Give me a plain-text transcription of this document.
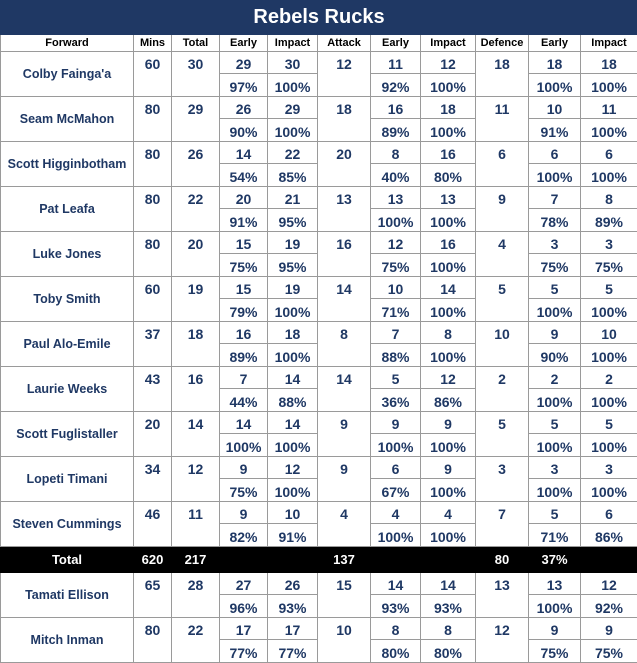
Rebels Rucks										
Forward	Mins	Total	Early	Impact	Attack	Early	Impact	Defence	Early	Impact
Colby Fainga'a	60	30	29	30	12	11	12	18	18	18
			97%	100%		92%	100%		100%	100%
Seam McMahon	80	29	26	29	18	16	18	11	10	11
			90%	100%		89%	100%		91%	100%
Scott Higginbotham	80	26	14	22	20	8	16	6	6	6
			54%	85%		40%	80%		100%	100%
Pat Leafa	80	22	20	21	13	13	13	9	7	8
			91%	95%		100%	100%		78%	89%
Luke Jones	80	20	15	19	16	12	16	4	3	3
			75%	95%		75%	100%		75%	75%
Toby Smith	60	19	15	19	14	10	14	5	5	5
			79%	100%		71%	100%		100%	100%
Paul Alo-Emile	37	18	16	18	8	7	8	10	9	10
			89%	100%		88%	100%		90%	100%
Laurie Weeks	43	16	7	14	14	5	12	2	2	2
			44%	88%		36%	86%		100%	100%
Scott Fuglistaller	20	14	14	14	9	9	9	5	5	5
			100%	100%		100%	100%		100%	100%
Lopeti Timani	34	12	9	12	9	6	9	3	3	3
			75%	100%		67%	100%		100%	100%
Steven Cummings	46	11	9	10	4	4	4	7	5	6
			82%	91%		100%	100%		71%	86%
Total	620	217			137			80	37%	
Tamati Ellison	65	28	27	26	15	14	14	13	13	12
			96%	93%		93%	93%		100%	92%
Mitch Inman	80	22	17	17	10	8	8	12	9	9
			77%	77%		80%	80%		75%	75%
